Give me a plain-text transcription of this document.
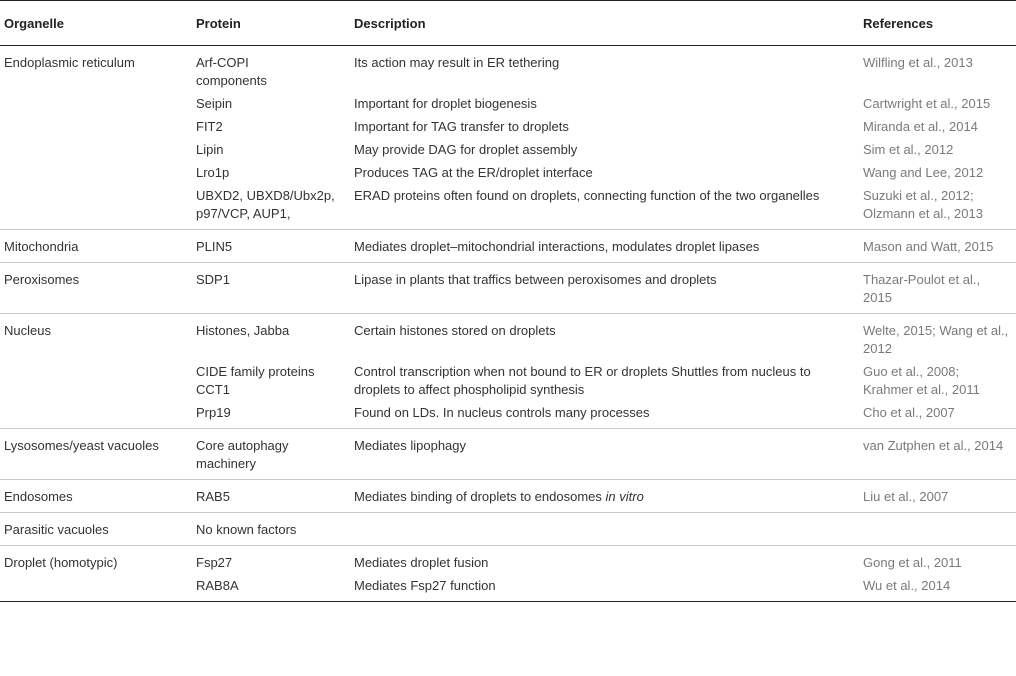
Organelle	Protein	Description	References
Endoplasmic reticulum	Arf-COPI components	Its action may result in ER tethering	Wilfling et al., 2013
	Seipin	Important for droplet biogenesis	Cartwright et al., 2015
	FIT2	Important for TAG transfer to droplets	Miranda et al., 2014
	Lipin	May provide DAG for droplet assembly	Sim et al., 2012
	Lro1p	Produces TAG at the ER/droplet interface	Wang and Lee, 2012
	UBXD2, UBXD8/Ubx2p, p97/VCP, AUP1,	ERAD proteins often found on droplets, connecting function of the two organelles	Suzuki et al., 2012; Olzmann et al., 2013
Mitochondria	PLIN5	Mediates droplet–mitochondrial interactions, modulates droplet lipases	Mason and Watt, 2015
Peroxisomes	SDP1	Lipase in plants that traffics between peroxisomes and droplets	Thazar-Poulot et al., 2015
Nucleus	Histones, Jabba	Certain histones stored on droplets	Welte, 2015; Wang et al., 2012
	CIDE family proteins CCT1	Control transcription when not bound to ER or droplets Shuttles from nucleus to droplets to affect phospholipid synthesis	Guo et al., 2008; Krahmer et al., 2011
	Prp19	Found on LDs. In nucleus controls many processes	Cho et al., 2007
Lysosomes/yeast vacuoles	Core autophagy machinery	Mediates lipophagy	van Zutphen et al., 2014
Endosomes	RAB5	Mediates binding of droplets to endosomes in vitro	Liu et al., 2007
Parasitic vacuoles	No known factors		
Droplet (homotypic)	Fsp27	Mediates droplet fusion	Gong et al., 2011
	RAB8A	Mediates Fsp27 function	Wu et al., 2014
